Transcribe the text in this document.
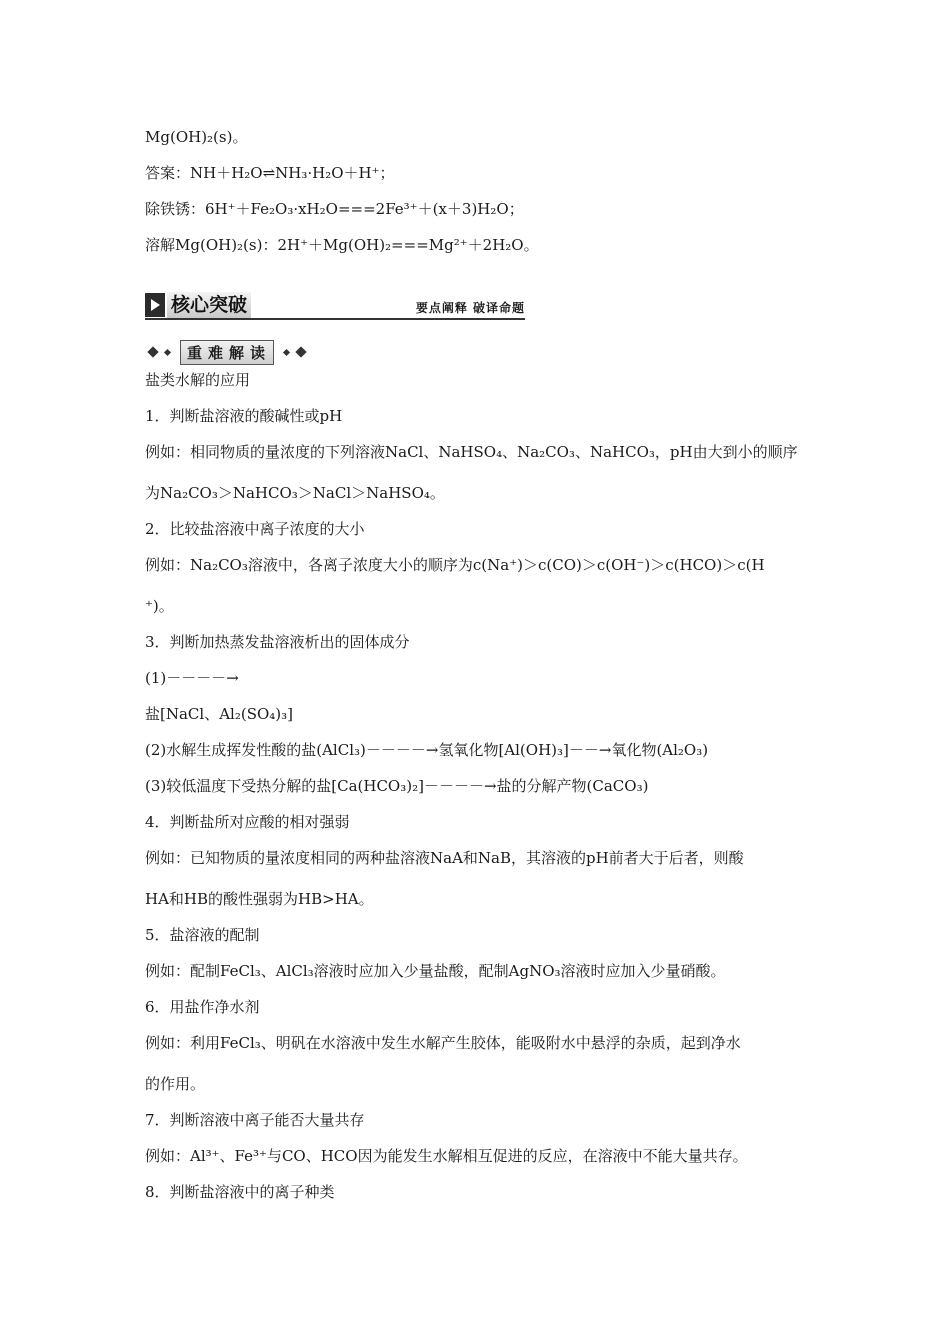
Mg(OH)₂(s)。
答案：NH＋H₂O⇌NH₃·H₂O＋H⁺；
除铁锈：6H⁺＋Fe₂O₃·xH₂O===2Fe³⁺＋(x＋3)H₂O；
溶解Mg(OH)₂(s)：2H⁺＋Mg(OH)₂===Mg²⁺＋2H₂O。
核心突破	要点阐释 破译命题
重难解读
盐类水解的应用
1．判断盐溶液的酸碱性或pH
例如：相同物质的量浓度的下列溶液NaCl、NaHSO₄、Na₂CO₃、NaHCO₃，pH由大到小的顺序
为Na₂CO₃＞NaHCO₃＞NaCl＞NaHSO₄。
2．比较盐溶液中离子浓度的大小
例如：Na₂CO₃溶液中，各离子浓度大小的顺序为c(Na⁺)＞c(CO)＞c(OH⁻)＞c(HCO)＞c(H
⁺)。
3．判断加热蒸发盐溶液析出的固体成分
(1)－－－－→
盐[NaCl、Al₂(SO₄)₃]
(2)水解生成挥发性酸的盐(AlCl₃)－－－－→氢氧化物[Al(OH)₃]－－→氧化物(Al₂O₃)
(3)较低温度下受热分解的盐[Ca(HCO₃)₂]－－－－→盐的分解产物(CaCO₃)
4．判断盐所对应酸的相对强弱
例如：已知物质的量浓度相同的两种盐溶液NaA和NaB，其溶液的pH前者大于后者，则酸
HA和HB的酸性强弱为HB>HA。
5．盐溶液的配制
例如：配制FeCl₃、AlCl₃溶液时应加入少量盐酸，配制AgNO₃溶液时应加入少量硝酸。
6．用盐作净水剂
例如：利用FeCl₃、明矾在水溶液中发生水解产生胶体，能吸附水中悬浮的杂质，起到净水
的作用。
7．判断溶液中离子能否大量共存
例如：Al³⁺、Fe³⁺与CO、HCO因为能发生水解相互促进的反应，在溶液中不能大量共存。
8．判断盐溶液中的离子种类
